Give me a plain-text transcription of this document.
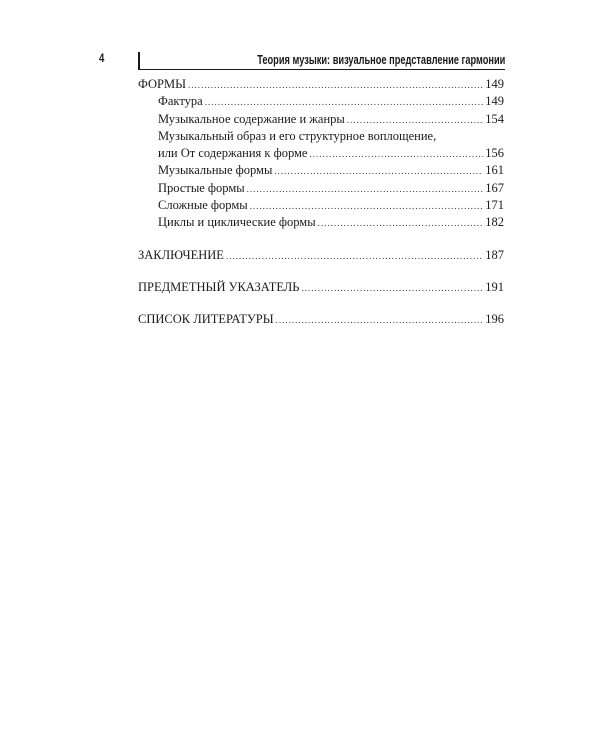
4	Теория музыки: визуальное представление гармонии
ФОРМЫ .....	149
Фактура .....	149
Музыкальное содержание и жанры .....	154
Музыкальный образ и его структурное воплощение,
или От содержания к форме .....	156
Музыкальные формы .....	161
Простые формы .....	167
Сложные формы .....	171
Циклы и циклические формы .....	182
ЗАКЛЮЧЕНИЕ .....	187
ПРЕДМЕТНЫЙ УКАЗАТЕЛЬ .....	191
СПИСОК ЛИТЕРАТУРЫ .....	196
